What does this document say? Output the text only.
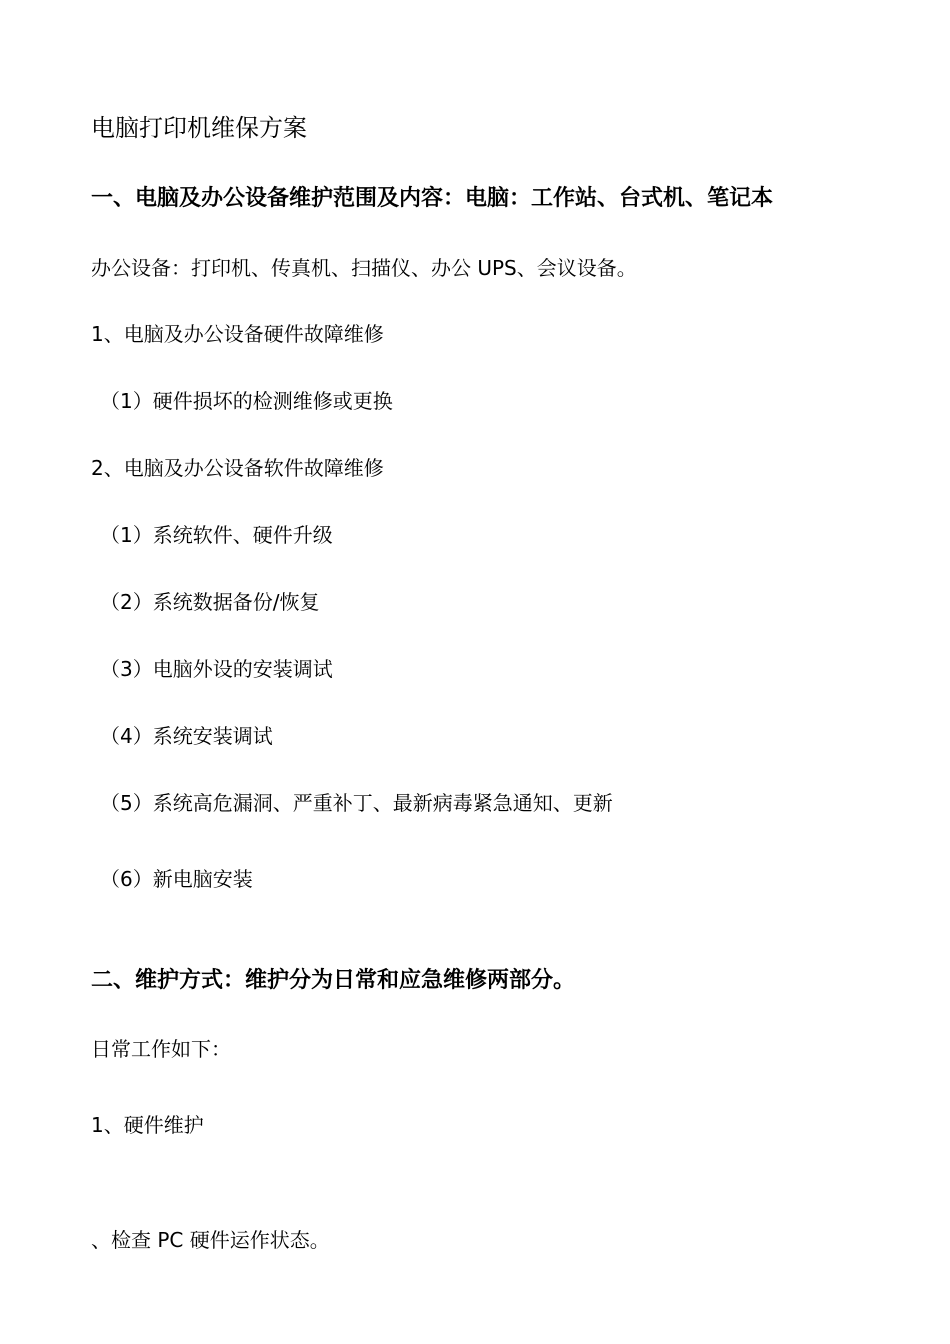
电脑打印机维保方案
一、电脑及办公设备维护范围及内容：电脑：工作站、台式机、笔记本
办公设备：打印机、传真机、扫描仪、办公 UPS、会议设备。
1、电脑及办公设备硬件故障维修
（1）硬件损坏的检测维修或更换
2、电脑及办公设备软件故障维修
（1）系统软件、硬件升级
（2）系统数据备份/恢复
（3）电脑外设的安装调试
（4）系统安装调试
（5）系统高危漏洞、严重补丁、最新病毒紧急通知、更新
（6）新电脑安装
二、维护方式：维护分为日常和应急维修两部分。
日常工作如下：
1、硬件维护
、检查 PC 硬件运作状态。
